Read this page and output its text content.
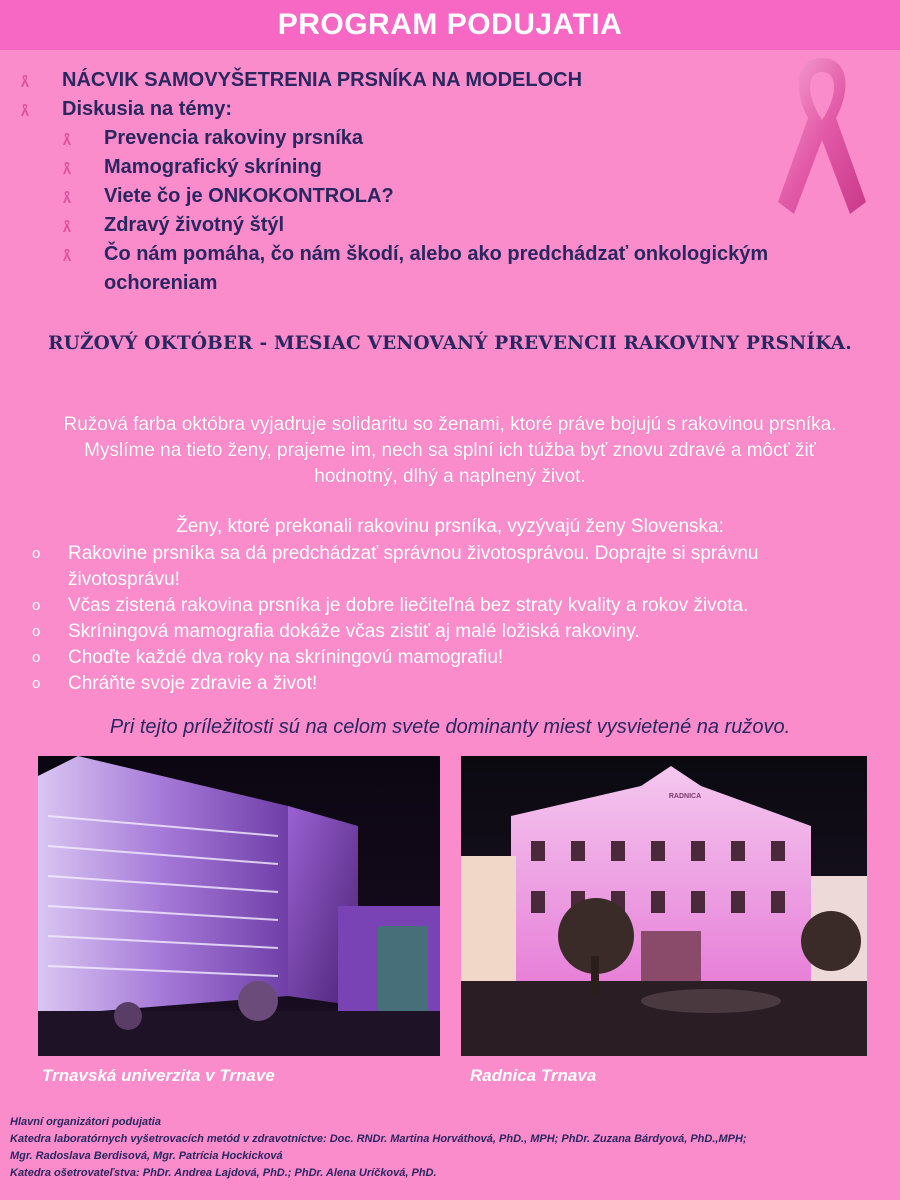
PROGRAM PODUJATIA
NÁCVIK SAMOVYŠETRENIA PRSNÍKA NA MODELOCH
Diskusia na témy:
Prevencia rakoviny prsníka
Mamografický skríning
Viete čo je ONKOKONTROLA?
Zdravý životný štýl
Čo nám pomáha, čo nám škodí, alebo ako predchádzať onkologickým ochoreniam
RUŽOVÝ OKTÓBER - MESIAC VENOVANÝ PREVENCII RAKOVINY PRSNÍKA.
Ružová farba októbra vyjadruje solidaritu so ženami, ktoré práve bojujú s rakovinou prsníka. Myslíme na tieto ženy, prajeme im, nech sa splní ich túžba byť znovu zdravé a môcť žiť hodnotný, dlhý a naplnený život.
Ženy, ktoré prekonali rakovinu prsníka, vyzývajú ženy Slovenska:
o	Rakovine prsníka sa dá predchádzať správnou životosprávou. Doprajte si správnu životosprávu!
o	Včas zistená rakovina prsníka je dobre liečiteľná bez straty kvality a rokov života.
o	Skríningová mamografia dokáže včas zistiť aj malé ložiská rakoviny.
o	Choďte každé dva roky na skríningovú mamografiu!
o	Chráňte svoje zdravie a život!
Pri tejto príležitosti sú na celom svete dominanty miest vysvietené na ružovo.
RADNICA
Trnavská univerzita v Trnave	Radnica Trnava
Hlavní organizátori podujatia
Katedra laboratórnych vyšetrovacích metód v zdravotníctve: Doc. RNDr. Martina Horváthová, PhD., MPH; PhDr. Zuzana Bárdyová, PhD.,MPH;
Mgr. Radoslava Berdisová, Mgr. Patrícia Hockicková
Katedra ošetrovateľstva: PhDr. Andrea Lajdová, PhD.; PhDr. Alena Uríčková, PhD.
